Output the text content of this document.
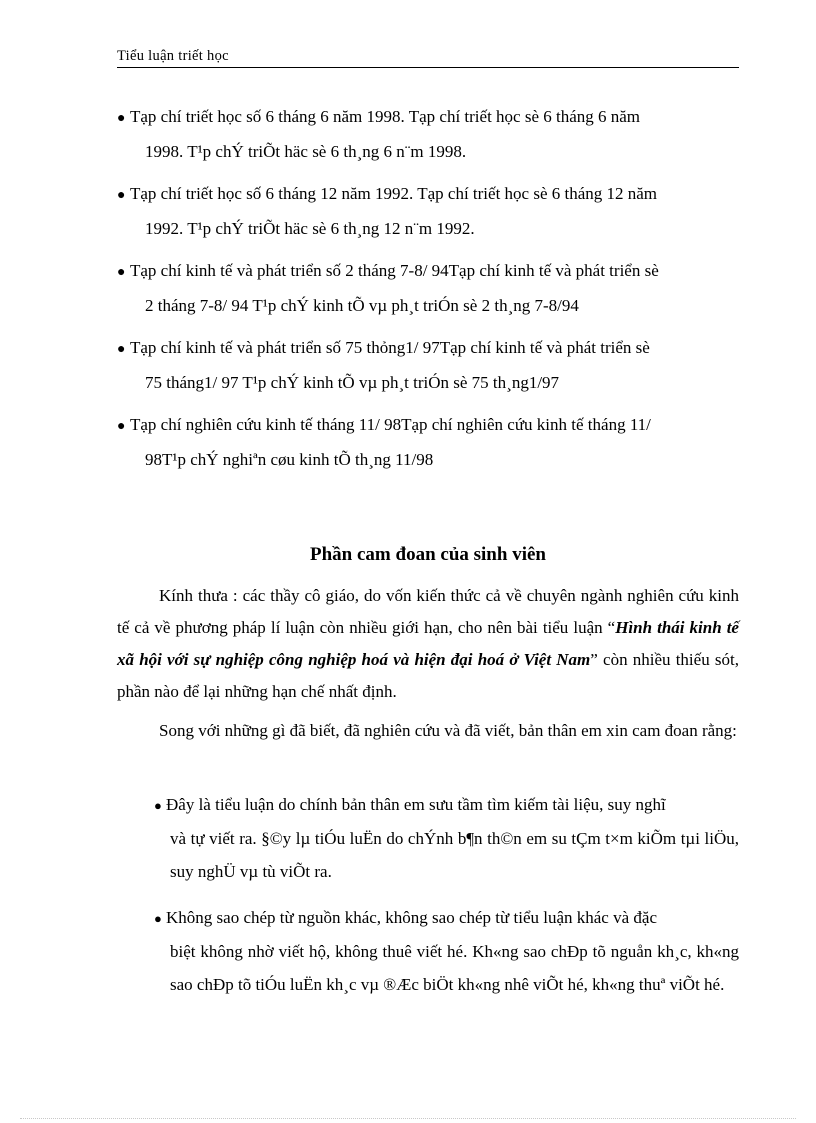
Tiểu luận triết học
● Tạp chí triết học số 6 tháng 6 năm 1998. Tạp chí triết học sè 6 tháng 6 năm
1998. T¹p chÝ triÕt häc sè 6 th¸ng 6 n¨m 1998.
● Tạp chí triết học số 6 tháng 12 năm 1992. Tạp chí triết học sè 6 tháng 12 năm
1992. T¹p chÝ triÕt häc sè 6 th¸ng 12 n¨m 1992.
● Tạp chí kinh tế và phát triển số 2 tháng 7-8/ 94Tạp chí kinh tế và phát triển sè
2 tháng 7-8/ 94 T¹p chÝ kinh tÕ vµ ph¸t triÓn sè 2 th¸ng 7-8/94
● Tạp chí kinh tế và phát triển số 75 thỏng1/ 97Tạp chí kinh tế và phát triển sè
75 tháng1/ 97 T¹p chÝ kinh tÕ vµ ph¸t triÓn sè 75 th¸ng1/97
● Tạp chí nghiên cứu kinh tế tháng 11/ 98Tạp chí nghiên cứu kinh tế tháng 11/
98T¹p chÝ nghiªn cøu kinh tÕ th¸ng 11/98
Phần cam đoan của sinh viên

Kính thưa : các thầy cô giáo, do vốn kiến thức cả về chuyên ngành nghiên cứu kinh tế cả về phương pháp lí luận còn nhiều giới hạn, cho nên bài tiểu luận “Hình thái kinh tế xã hội với sự nghiệp công nghiệp hoá và hiện đại hoá ở Việt Nam” còn nhiều thiếu sót, phần nào để lại những hạn chế nhất định.

Song với những gì đã biết, đã nghiên cứu và đã viết, bản thân em xin cam đoan rằng:

● Đây là tiểu luận do chính bản thân em sưu tầm tìm kiếm tài liệu, suy nghĩ
và tự viết ra. §©y lµ tiÓu luËn do chÝnh b¶n th©n em su tÇm t×m kiÕm tµi liÖu, suy nghÜ vµ tù viÕt ra.
● Không sao chép từ nguồn khác, không sao chép từ tiểu luận khác và đặc
biệt không nhờ viết hộ, không thuê viết hé. Kh«ng sao chÐp tõ nguån kh¸c, kh«ng sao chÐp tõ tiÓu luËn kh¸c vµ ®Æc biÖt kh«ng nhê viÕt hé, kh«ng thuª viÕt hé.
